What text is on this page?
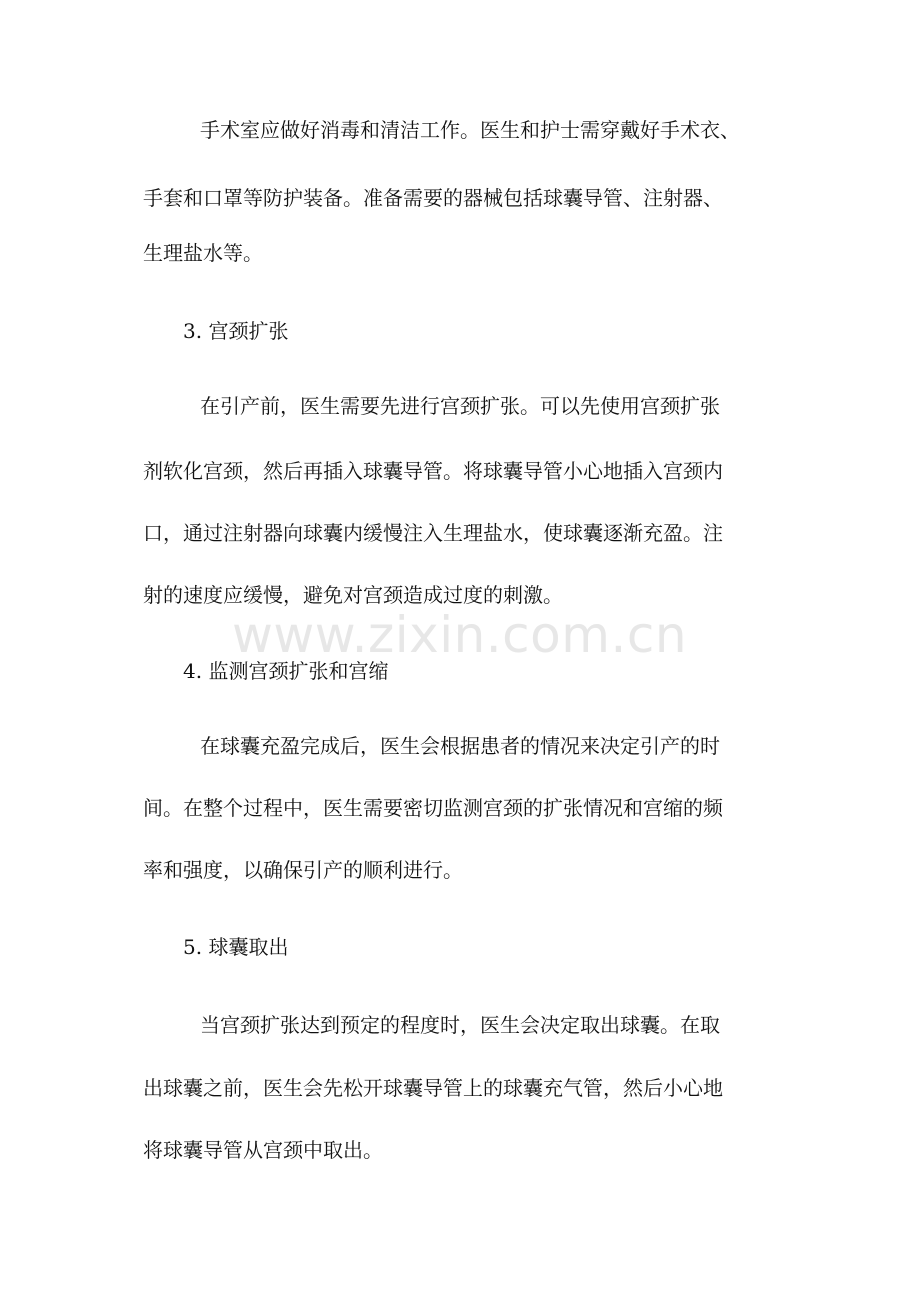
手术室应做好消毒和清洁工作。医生和护士需穿戴好手术衣、

手套和口罩等防护装备。准备需要的器械包括球囊导管、注射器、

生理盐水等。

3. 宫颈扩张

在引产前，医生需要先进行宫颈扩张。可以先使用宫颈扩张

剂软化宫颈，然后再插入球囊导管。将球囊导管小心地插入宫颈内

口，通过注射器向球囊内缓慢注入生理盐水，使球囊逐渐充盈。注

射的速度应缓慢，避免对宫颈造成过度的刺激。

4. 监测宫颈扩张和宫缩

在球囊充盈完成后，医生会根据患者的情况来决定引产的时

间。在整个过程中，医生需要密切监测宫颈的扩张情况和宫缩的频

率和强度，以确保引产的顺利进行。

5. 球囊取出

当宫颈扩张达到预定的程度时，医生会决定取出球囊。在取

出球囊之前，医生会先松开球囊导管上的球囊充气管，然后小心地

将球囊导管从宫颈中取出。

www.zixin.com.cn
